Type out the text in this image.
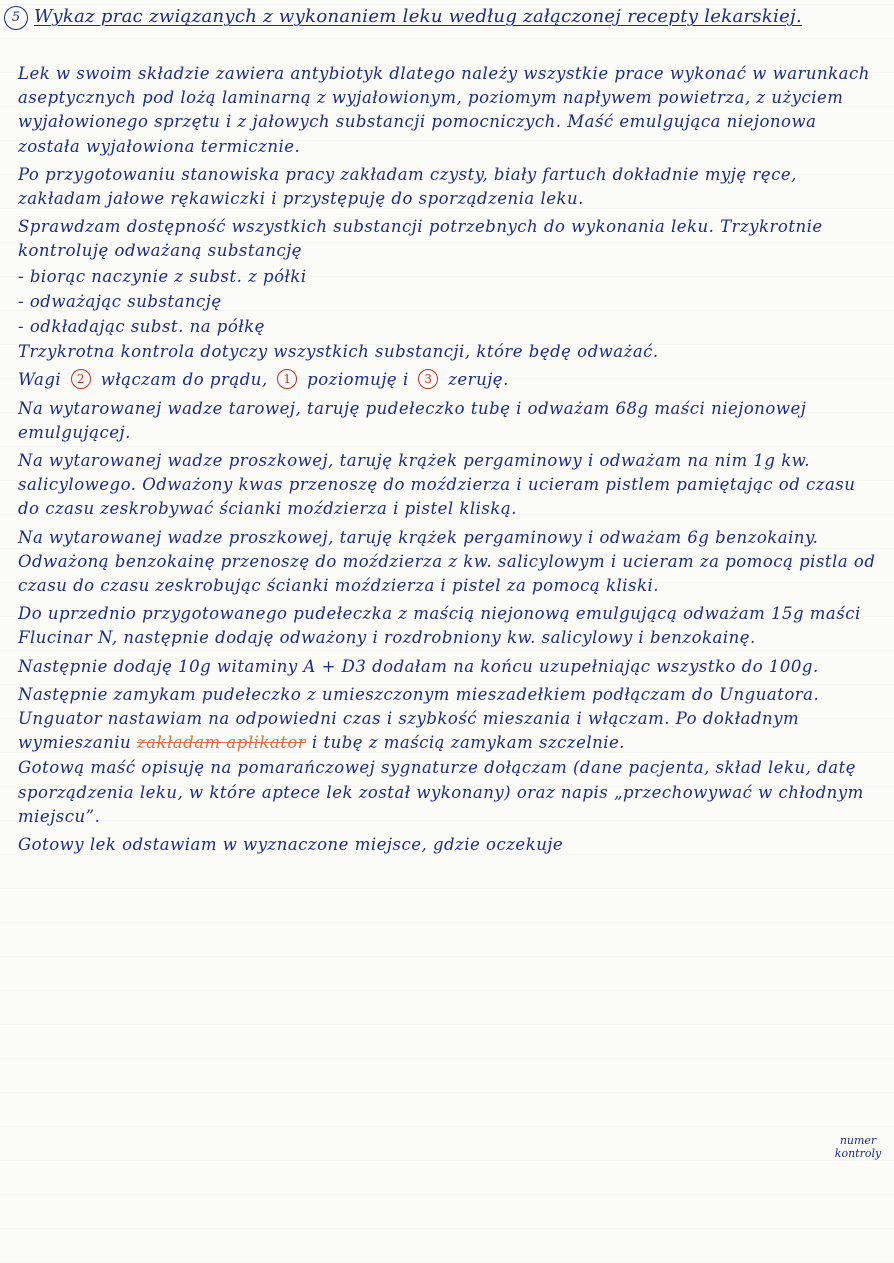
5 Wykaz prac związanych z wykonaniem leku według załączonej recepty lekarskiej.

Lek w swoim składzie zawiera antybiotyk dlatego należy wszystkie prace wykonać w warunkach aseptycznych pod lożą laminarną z wyjałowionym, poziomym napływem powietrza, z użyciem wyjałowionego sprzętu i z jałowych substancji pomocniczych. Maść emulgująca niejonowa została wyjałowiona termicznie.

Po przygotowaniu stanowiska pracy zakładam czysty, biały fartuch dokładnie myję ręce, zakładam jałowe rękawiczki i przystępuję do sporządzenia leku.

Sprawdzam dostępność wszystkich substancji potrzebnych do wykonania leku. Trzykrotnie kontroluję odważaną substancję

- biorąc naczynie z subst. z półki

- odważając substancję

- odkładając subst. na półkę

Trzykrotna kontrola dotyczy wszystkich substancji, które będę odważać.

Wagi 2 włączam do prądu, 1 poziomuję i 3 zeruję.

Na wytarowanej wadze tarowej, taruję pudełeczko tubę i odważam 68g maści niejonowej emulgującej.

Na wytarowanej wadze proszkowej, taruję krążek pergaminowy i odważam na nim 1g kw. salicylowego. Odważony kwas przenoszę do moździerza i ucieram pistlem pamiętając od czasu do czasu zeskrobywać ścianki moździerza i pistel kliską.

Na wytarowanej wadze proszkowej, taruję krążek pergaminowy i odważam 6g benzokainy. Odważoną benzokainę przenoszę do moździerza z kw. salicylowym i ucieram za pomocą pistla od czasu do czasu zeskrobując ścianki moździerza i pistel za pomocą kliski.

Do uprzednio przygotowanego pudełeczka z maścią niejonową emulgującą odważam 15g maści Flucinar N, następnie dodaję odważony i rozdrobniony kw. salicylowy i benzokainę.

Następnie dodaję 10g witaminy A + D3 dodałam na końcu uzupełniając wszystko do 100g.

Następnie zamykam pudełeczko z umieszczonym mieszadełkiem podłączam do Unguatora. Unguator nastawiam na odpowiedni czas i szybkość mieszania i włączam. Po dokładnym wymieszaniu zakładam aplikator i tubę z maścią zamykam szczelnie.

Gotową maść opisuję na pomarańczowej sygnaturze dołączam (dane pacjenta, skład leku, datę sporządzenia leku, w które aptece lek został wykonany) oraz napis „przechowywać w chłodnym miejscu”.

Gotowy lek odstawiam w wyznaczone miejsce, gdzie oczekuje

numer kontroly
